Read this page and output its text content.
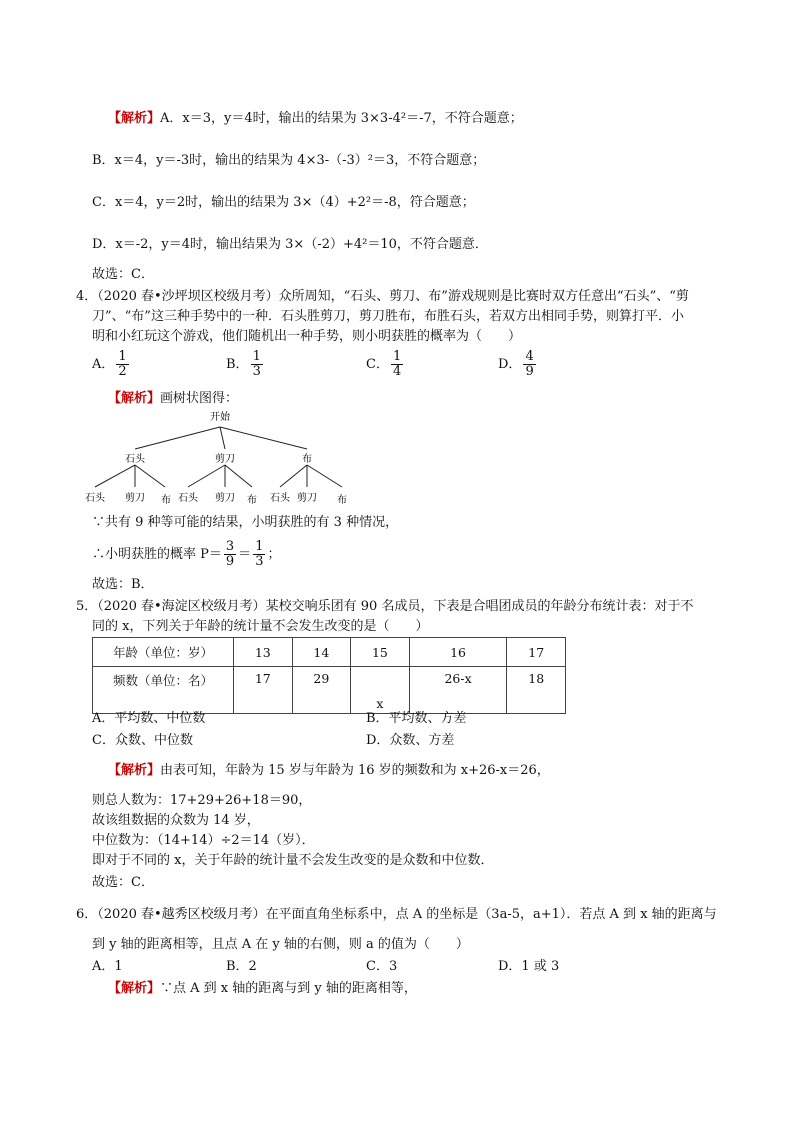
【解析】A．x＝3，y＝4时，输出的结果为 3×3-4²＝-7，不符合题意；
B．x＝4，y＝-3时，输出的结果为 4×3-（-3）²＝3，不符合题意；
C．x＝4，y＝2时，输出的结果为 3×（4）+2²＝-8，符合题意；
D．x＝-2，y＝4时，输出结果为 3×（-2）+4²＝10，不符合题意．
故选：C．
4．（2020 春•沙坪坝区校级月考）众所周知，“石头、剪刀、布”游戏规则是比赛时双方任意出“石头”、“剪
刀”、“布”这三种手势中的一种．石头胜剪刀，剪刀胜布，布胜石头，若双方出相同手势，则算打平．小
明和小红玩这个游戏，他们随机出一种手势，则小明获胜的概率为（　　）
A． $\frac{1}{2}$	B． $\frac{1}{3}$	C． $\frac{1}{4}$	D． $\frac{4}{9}$
【解析】画树状图得：
开始
石头	剪刀	布
石头 剪刀 布 石头 剪刀 布 石头 剪刀 布
∵共有 9 种等可能的结果，小明获胜的有 3 种情况，
∴小明获胜的概率 $P= \frac{3}{9} = \frac{1}{3}$ ；
故选：B．
5．（2020 春•海淀区校级月考）某校交响乐团有 90 名成员，下表是合唱团成员的年龄分布统计表：对于不
同的 x，下列关于年龄的统计量不会发生改变的是（　　）
年龄（单位：岁）	13	14	15	16	17
频数（单位：名）	17	29	x	26-x	18
A．平均数、中位数	B．平均数、方差
C．众数、中位数	D．众数、方差
【解析】由表可知，年龄为 15 岁与年龄为 16 岁的频数和为 x+26-x＝26，
则总人数为：17+29+26+18＝90，
故该组数据的众数为 14 岁，
中位数为：（14+14）÷2＝14（岁）．
即对于不同的 x，关于年龄的统计量不会发生改变的是众数和中位数．
故选：C．
6．（2020 春•越秀区校级月考）在平面直角坐标系中，点 A 的坐标是（3a-5，a+1）．若点 A 到 x 轴的距离与
到 y 轴的距离相等，且点 A 在 y 轴的右侧，则 a 的值为（　　）
A．1	B．2	C．3	D．1 或 3
【解析】∵点 A 到 x 轴的距离与到 y 轴的距离相等，
